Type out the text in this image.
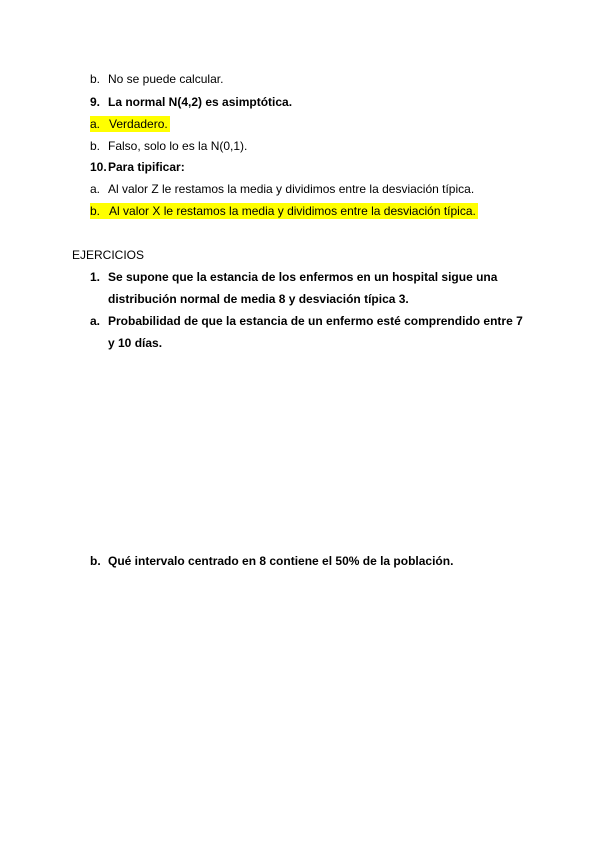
b. No se puede calcular.
9. La normal N(4,2) es asimptótica.
a. Verdadero.
b. Falso, solo lo es la N(0,1).
10. Para tipificar:
a. Al valor Z le restamos la media y dividimos entre la desviación típica.
b. Al valor X le restamos la media y dividimos entre la desviación típica.
EJERCICIOS
1. Se supone que la estancia de los enfermos en un hospital sigue una
distribución normal de media 8 y desviación típica 3.
a. Probabilidad de que la estancia de un enfermo esté comprendido entre 7
y 10 días.
b. Qué intervalo centrado en 8 contiene el 50% de la población.
